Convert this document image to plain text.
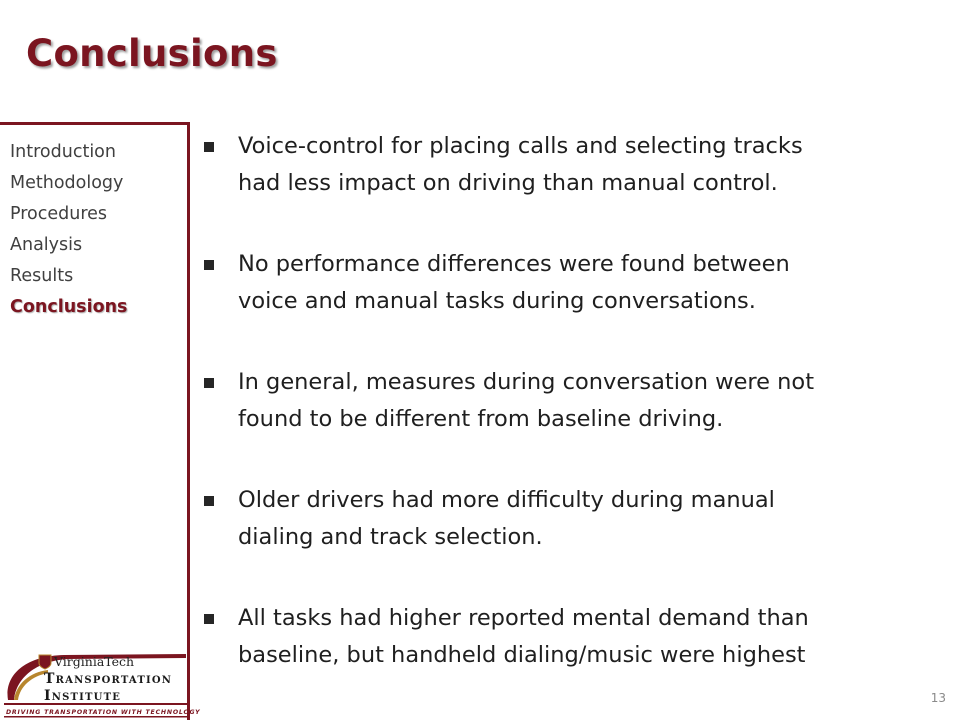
Conclusions
Introduction
Methodology
Procedures
Analysis
Results
Conclusions
Voice-control for placing calls and selecting tracks
had less impact on driving than manual control.
No performance differences were found between
voice and manual tasks during conversations.
In general, measures during conversation were not
found to be different from baseline driving.
Older drivers had more difficulty during manual
dialing and track selection.
All tasks had higher reported mental demand than
baseline, but handheld dialing/music were highest
VirginiaTech
Transportation
Institute
DRIVING TRANSPORTATION WITH TECHNOLOGY
13
